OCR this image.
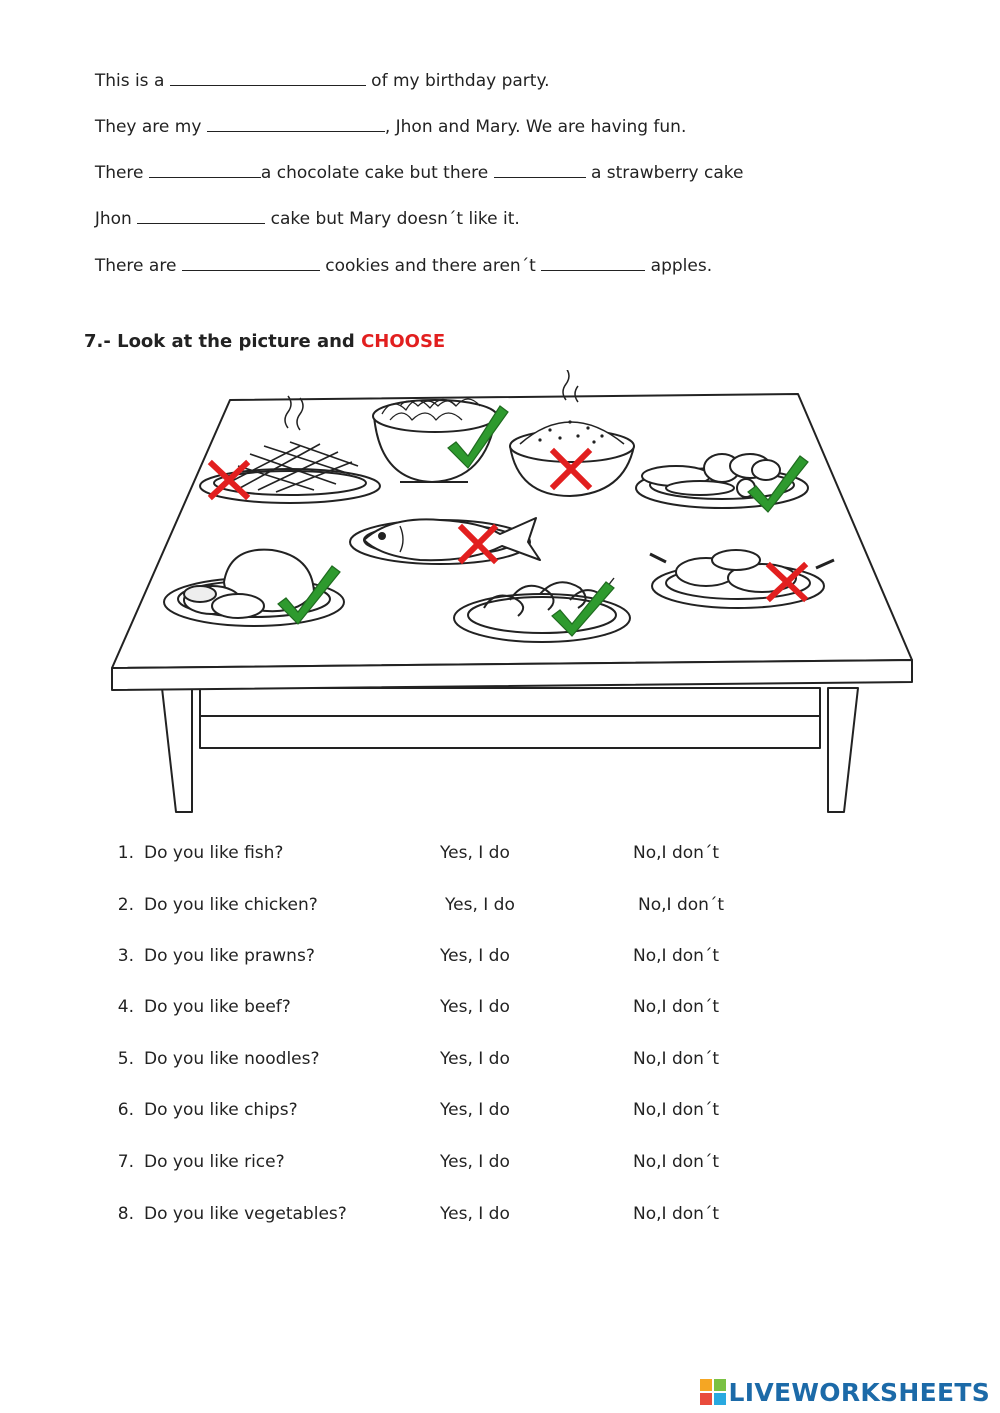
This is a	of my birthday party.

They are my	, Jhon and Mary. We are having fun.

There	a chocolate cake but there	a strawberry cake

Jhon	cake but Mary doesn´t like it.

There are	cookies and there aren´t	apples.

7.- Look at the picture and CHOOSE
1. Do you like fish?	Yes, I do	No,I don´t
2. Do you like chicken?	Yes, I do	No,I don´t
3. Do you like prawns?	Yes, I do	No,I don´t
4. Do you like beef?	Yes, I do	No,I don´t
5. Do you like noodles?	Yes, I do	No,I don´t
6. Do you like chips?	Yes, I do	No,I don´t
7. Do you like rice?	Yes, I do	No,I don´t
8. Do you like vegetables?	Yes, I do	No,I don´t
LIVEWORKSHEETS
